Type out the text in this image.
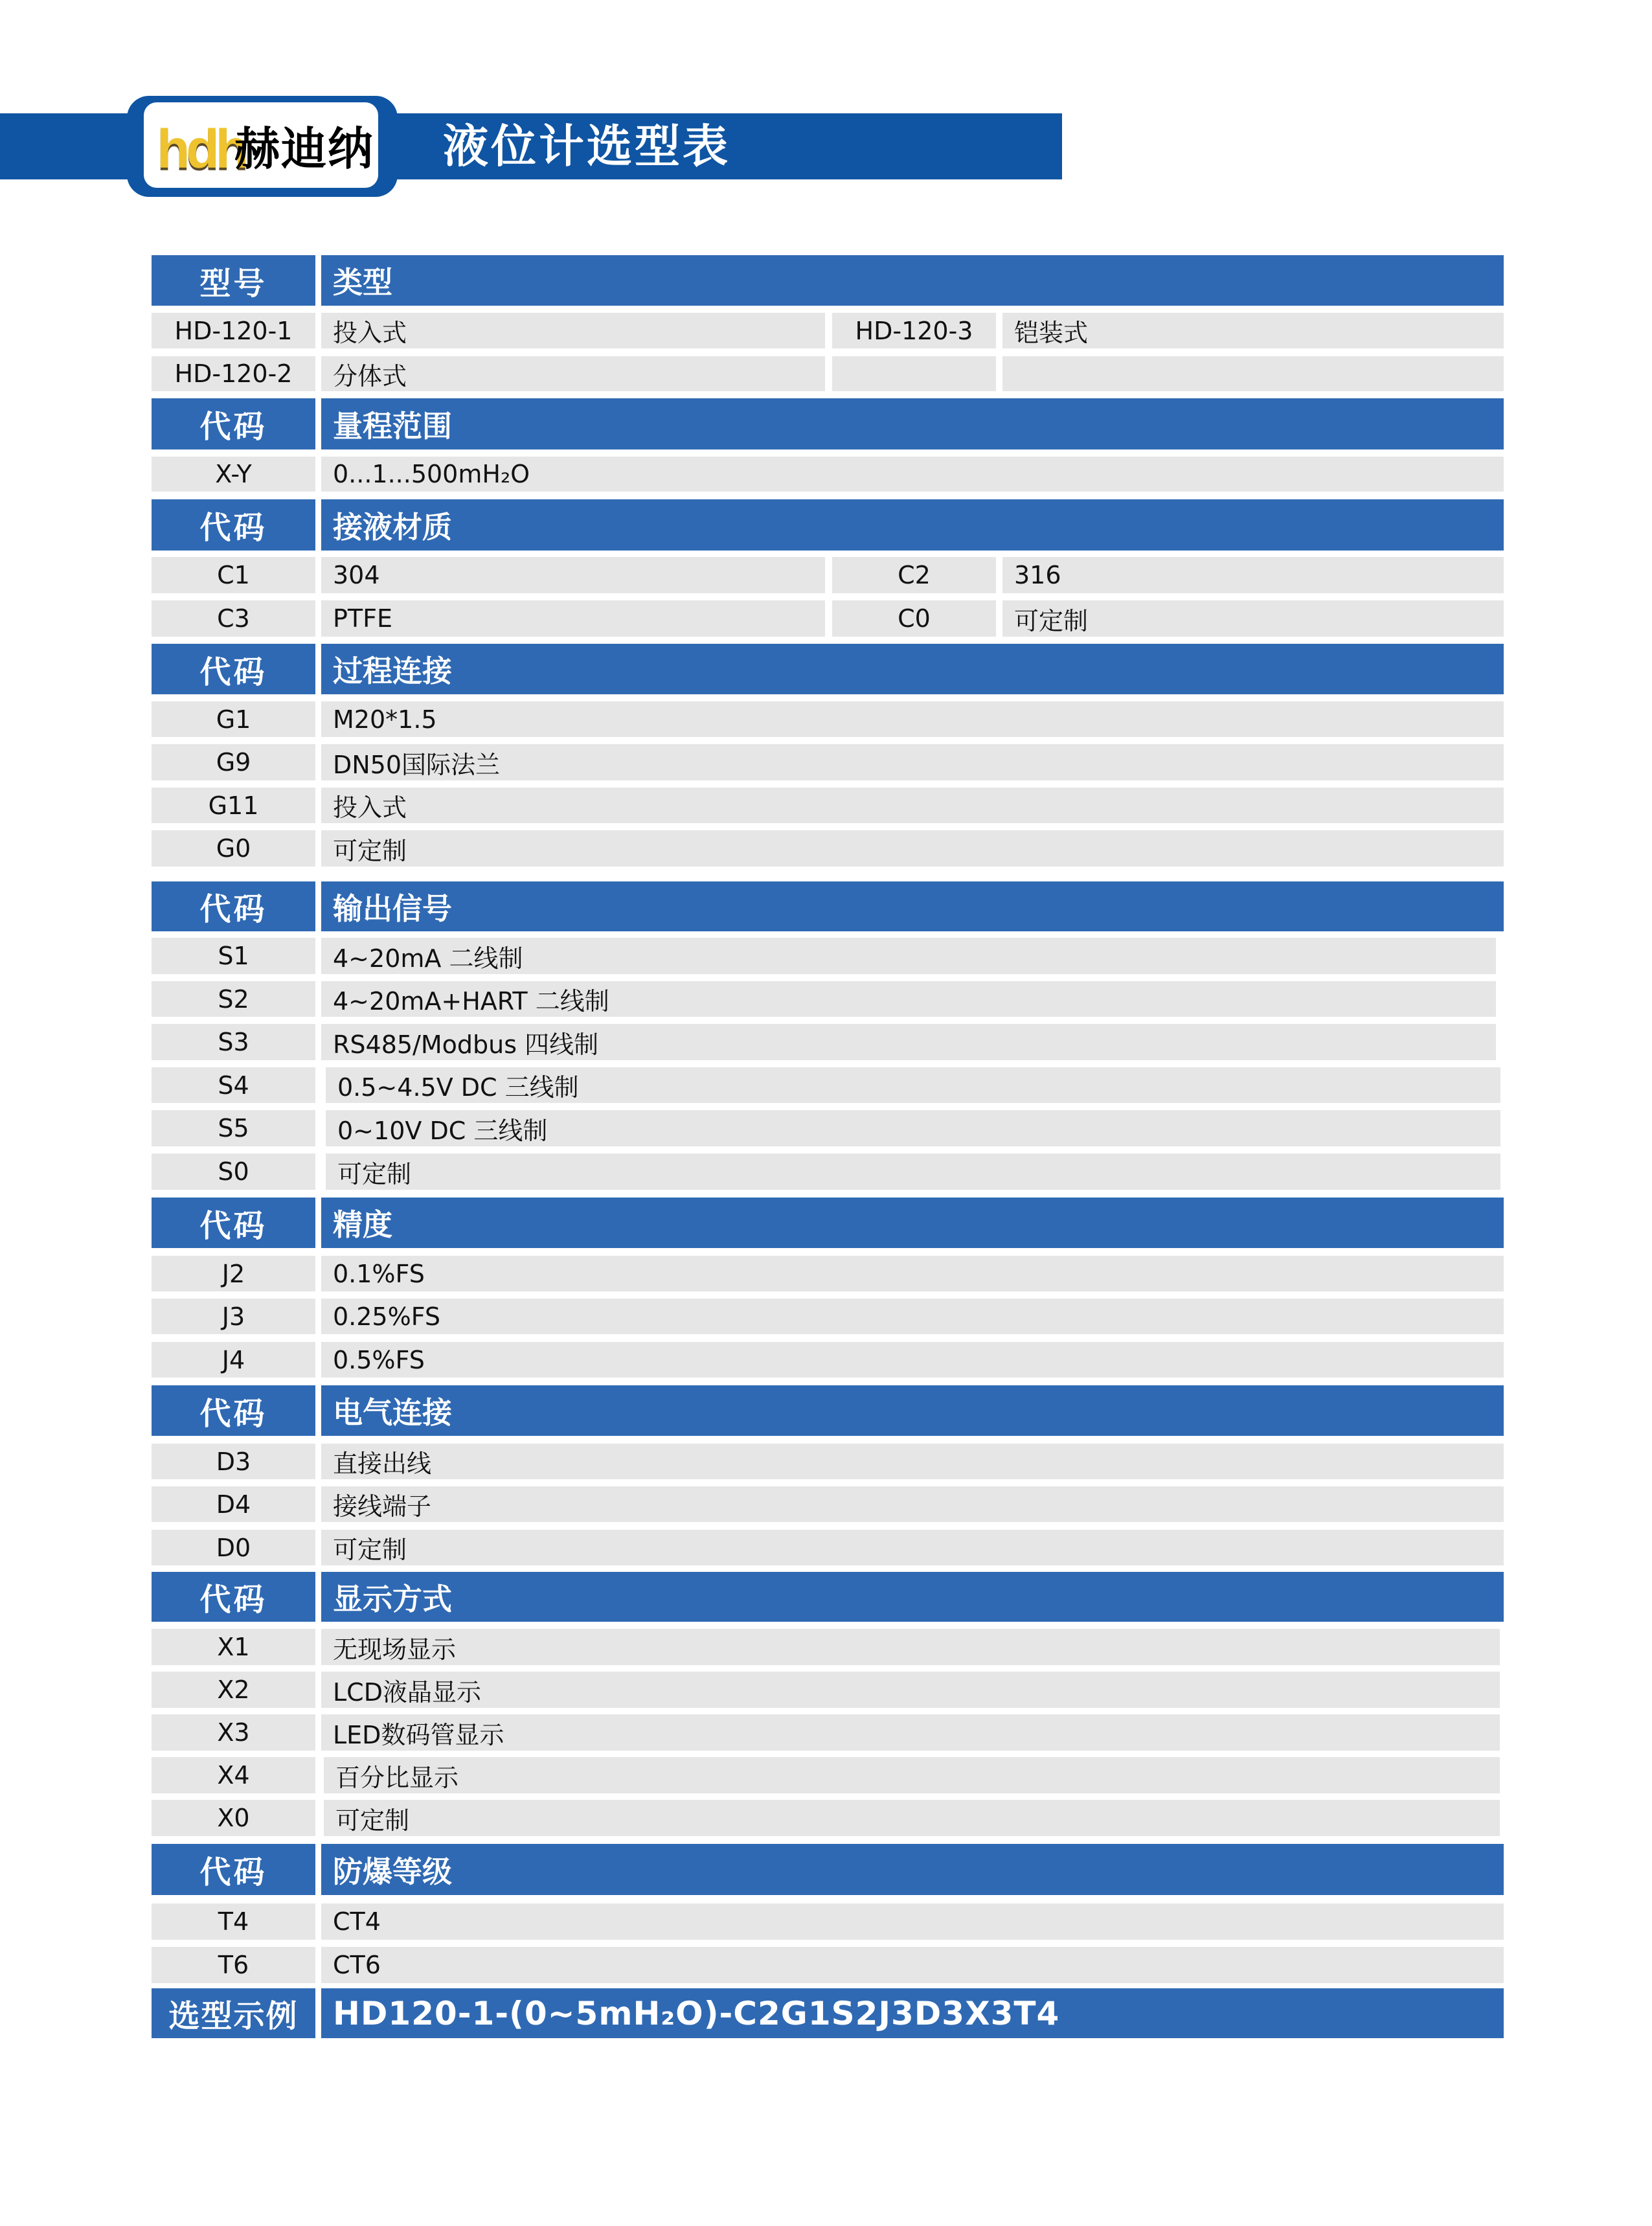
hdh
赫迪纳 液位计选型表
型号	类型
HD-120-1	投入式	HD-120-3	铠装式
HD-120-2	分体式
代码	量程范围
X-Y	0...1...500mH₂O
代码	接液材质
C1	304	C2	316
C3	PTFE	C0	可定制
代码	过程连接
G1	M20*1.5
G9	DN50国际法兰
G11	投入式
G0	可定制
代码	输出信号
S1	4~20mA 二线制
S2	4~20mA+HART 二线制
S3	RS485/Modbus 四线制
S4	0.5~4.5V DC 三线制
S5	0~10V DC 三线制
S0	可定制
代码	精度
J2	0.1%FS
J3	0.25%FS
J4	0.5%FS
代码	电气连接
D3	直接出线
D4	接线端子
D0	可定制
代码	显示方式
X1	无现场显示
X2	LCD液晶显示
X3	LED数码管显示
X4	百分比显示
X0	可定制
代码	防爆等级
T4	CT4
T6	CT6
选型示例	HD120-1-(0~5mH₂O)-C2G1S2J3D3X3T4
